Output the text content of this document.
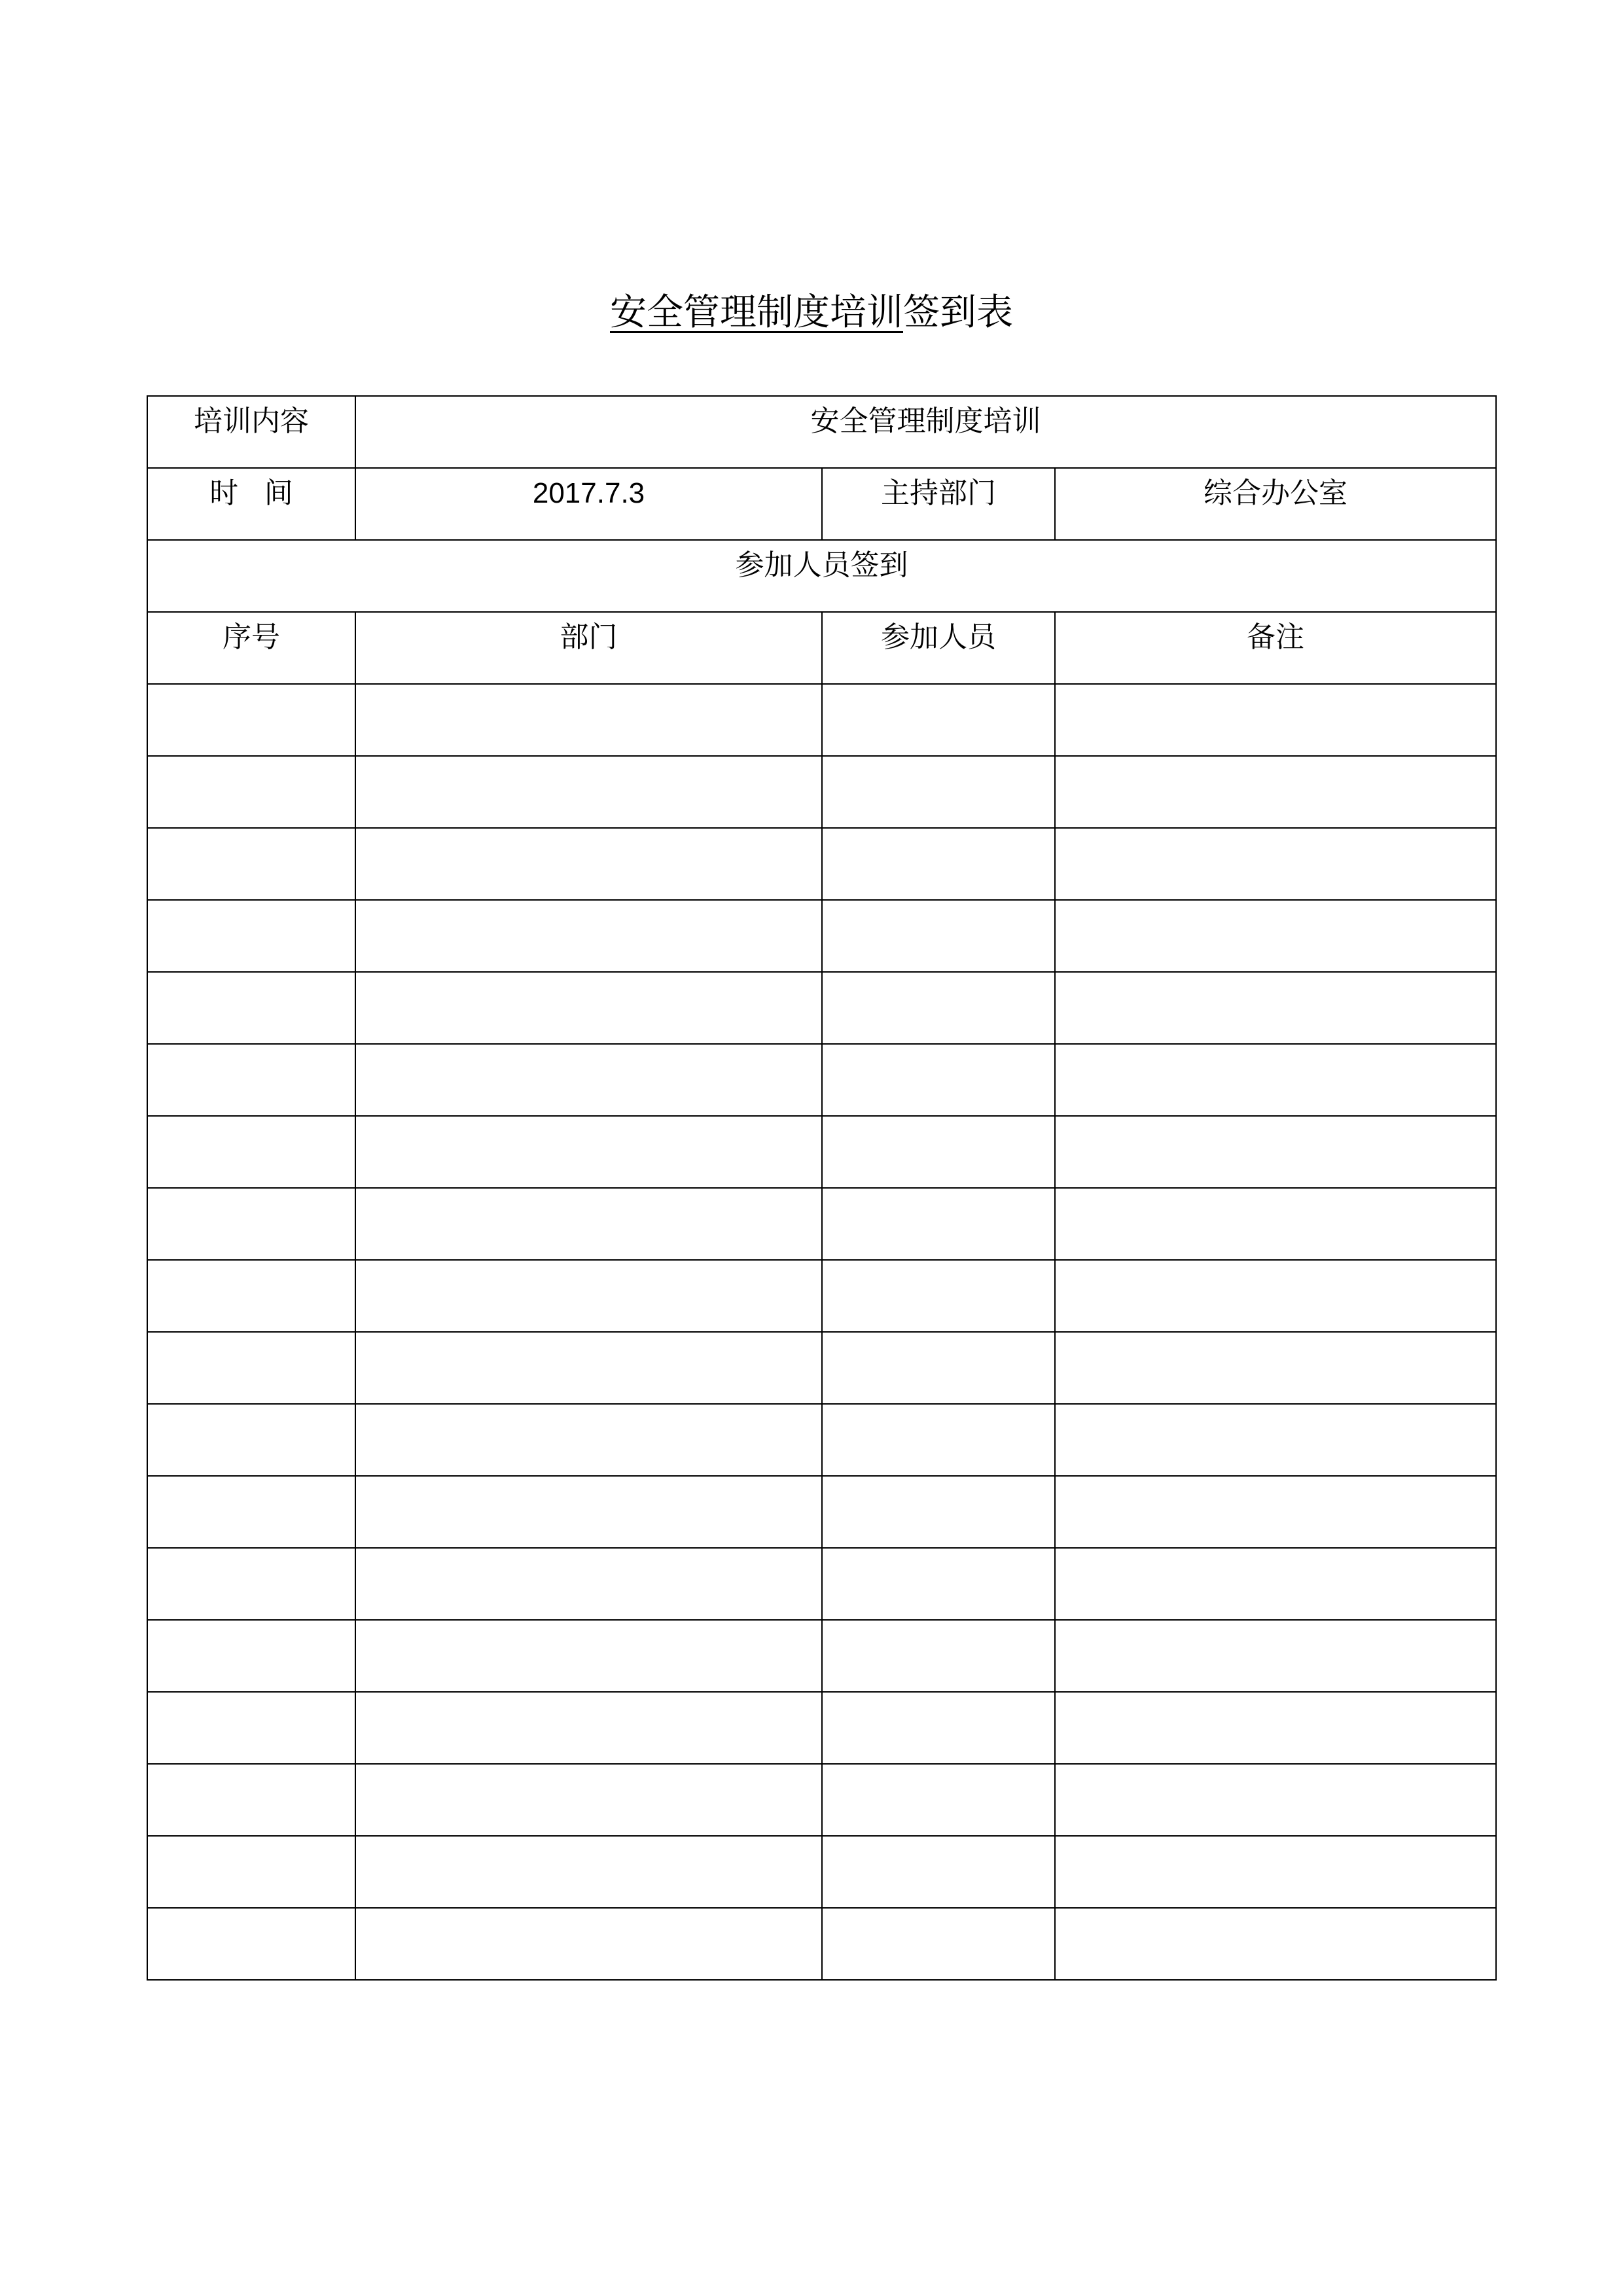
安全管理制度培训签到表
培训内容	安全管理制度培训		
时间	2017.7.3	主持部门	综合办公室
参加人员签到			
序号	部门	参加人员	备注
